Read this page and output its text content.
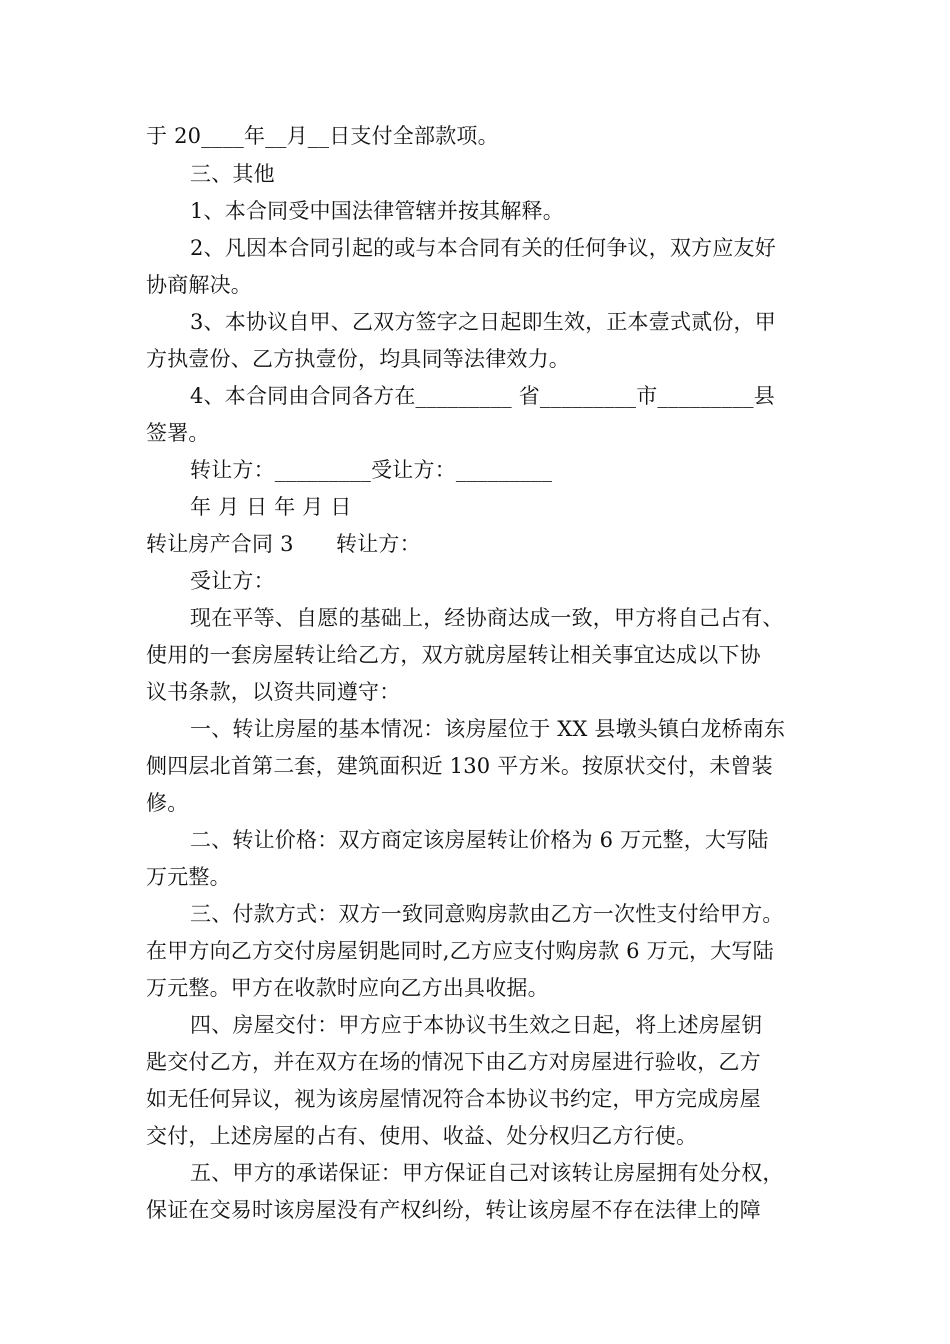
于 20____年__月__日支付全部款项。
三、其他
1、本合同受中国法律管辖并按其解释。
2、凡因本合同引起的或与本合同有关的任何争议，双方应友好
协商解决。
3、本协议自甲、乙双方签字之日起即生效，正本壹式贰份，甲
方执壹份、乙方执壹份，均具同等法律效力。
4、本合同由合同各方在_________ 省_________市_________县
签署。
转让方：_________受让方：_________
年 月 日 年 月 日
转让房产合同 3　　转让方：
受让方：
现在平等、自愿的基础上，经协商达成一致，甲方将自己占有、
使用的一套房屋转让给乙方，双方就房屋转让相关事宜达成以下协
议书条款，以资共同遵守：
一、转让房屋的基本情况：该房屋位于 XX 县墩头镇白龙桥南东
侧四层北首第二套，建筑面积近 130 平方米。按原状交付，未曾装
修。
二、转让价格：双方商定该房屋转让价格为 6 万元整，大写陆
万元整。
三、付款方式：双方一致同意购房款由乙方一次性支付给甲方。
在甲方向乙方交付房屋钥匙同时,乙方应支付购房款 6 万元，大写陆
万元整。甲方在收款时应向乙方出具收据。
四、房屋交付：甲方应于本协议书生效之日起，将上述房屋钥
匙交付乙方，并在双方在场的情况下由乙方对房屋进行验收，乙方
如无任何异议，视为该房屋情况符合本协议书约定，甲方完成房屋
交付，上述房屋的占有、使用、收益、处分权归乙方行使。
五、甲方的承诺保证：甲方保证自己对该转让房屋拥有处分权，
保证在交易时该房屋没有产权纠纷，转让该房屋不存在法律上的障
